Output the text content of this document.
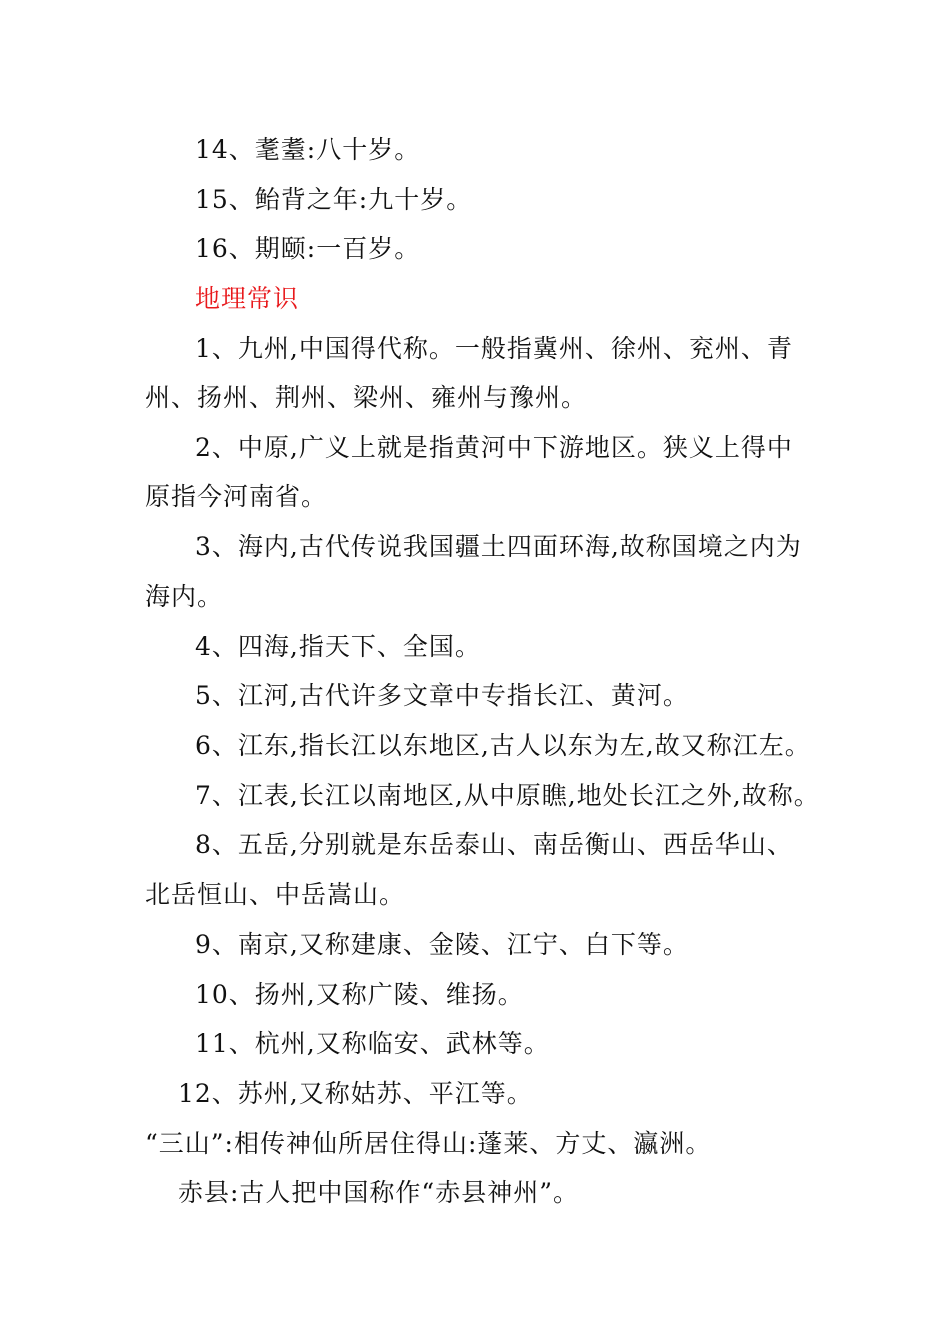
14、耄耋:八十岁。

15、鲐背之年:九十岁。

16、期颐:一百岁。

地理常识

1、九州,中国得代称。一般指冀州、徐州、兖州、青

州、扬州、荆州、梁州、雍州与豫州。

2、中原,广义上就是指黄河中下游地区。狭义上得中

原指今河南省。

3、海内,古代传说我国疆土四面环海,故称国境之内为

海内。

4、四海,指天下、全国。

5、江河,古代许多文章中专指长江、黄河。

6、江东,指长江以东地区,古人以东为左,故又称江左。

7、江表,长江以南地区,从中原瞧,地处长江之外,故称。

8、五岳,分别就是东岳泰山、南岳衡山、西岳华山、

北岳恒山、中岳嵩山。

9、南京,又称建康、金陵、江宁、白下等。

10、扬州,又称广陵、维扬。

11、杭州,又称临安、武林等。

12、苏州,又称姑苏、平江等。

“三山”:相传神仙所居住得山:蓬莱、方丈、瀛洲。

赤县:古人把中国称作“赤县神州”。
